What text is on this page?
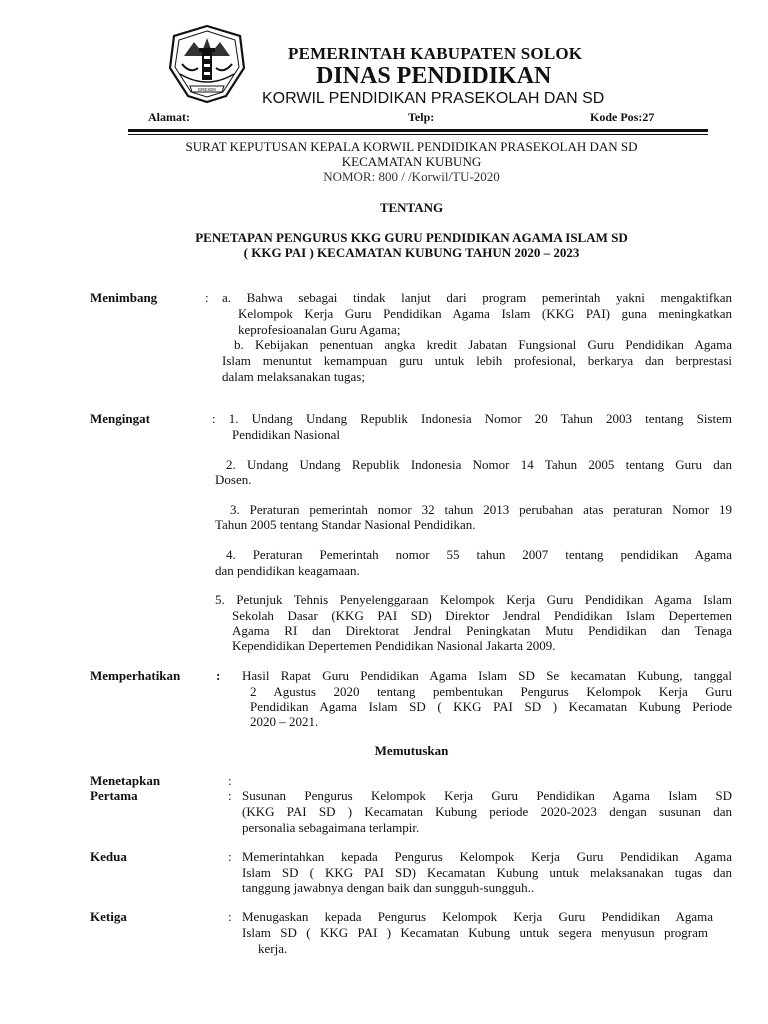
GRESEK
PEMERINTAH KABUPATEN SOLOK
DINAS PENDIDIKAN
KORWIL PENDIDIKAN PRASEKOLAH DAN SD
Alamat:	Telp:	Kode Pos:27
SURAT KEPUTUSAN KEPALA KORWIL PENDIDIKAN PRASEKOLAH DAN SD
KECAMATAN KUBUNG
NOMOR: 800 / /Korwil/TU-2020
TENTANG
PENETAPAN PENGURUS KKG GURU PENDIDIKAN AGAMA ISLAM SD
( KKG PAI ) KECAMATAN KUBUNG TAHUN 2020 – 2023
Menimbang	: a. Bahwa sebagai tindak lanjut dari program pemerintah yakni mengaktifkan
Kelompok Kerja Guru Pendidikan Agama Islam (KKG PAI) guna meningkatkan
keprofesioanalan Guru Agama;
b. Kebijakan penentuan angka kredit Jabatan Fungsional Guru Pendidikan Agama
Islam menuntut kemampuan guru untuk lebih profesional, berkarya dan berprestasi
dalam melaksanakan tugas;
Mengingat	: 1. Undang Undang Republik Indonesia Nomor 20 Tahun 2003 tentang Sistem
Pendidikan Nasional
2. Undang Undang Republik Indonesia Nomor 14 Tahun 2005 tentang Guru dan
Dosen.
3. Peraturan pemerintah nomor 32 tahun 2013 perubahan atas peraturan Nomor 19
Tahun 2005 tentang Standar Nasional Pendidikan.
4. Peraturan Pemerintah nomor 55 tahun 2007 tentang pendidikan Agama
dan pendidikan keagamaan.
5. Petunjuk Tehnis Penyelenggaraan Kelompok Kerja Guru Pendidikan Agama Islam
Sekolah Dasar (KKG PAI SD) Direktor Jendral Pendidikan Islam Depertemen
Agama RI dan Direktorat Jendral Peningkatan Mutu Pendidikan dan Tenaga
Kependidikan Depertemen Pendidikan Nasional Jakarta 2009.
Memperhatikan	: Hasil Rapat Guru Pendidikan Agama Islam SD Se kecamatan Kubung, tanggal
2 Agustus 2020 tentang pembentukan Pengurus Kelompok Kerja Guru
Pendidikan Agama Islam SD ( KKG PAI SD ) Kecamatan Kubung Periode
2020 – 2021.
Memutuskan
Menetapkan	:
Pertama	: Susunan Pengurus Kelompok Kerja Guru Pendidikan Agama Islam SD
(KKG PAI SD ) Kecamatan Kubung periode 2020-2023 dengan susunan dan
personalia sebagaimana terlampir.
Kedua	: Memerintahkan kepada Pengurus Kelompok Kerja Guru Pendidikan Agama
Islam SD ( KKG PAI SD) Kecamatan Kubung untuk melaksanakan tugas dan
tanggung jawabnya dengan baik dan sungguh-sungguh..
Ketiga	: Menugaskan kepada Pengurus Kelompok Kerja Guru Pendidikan Agama
Islam SD ( KKG PAI ) Kecamatan Kubung untuk segera menyusun program
kerja.
